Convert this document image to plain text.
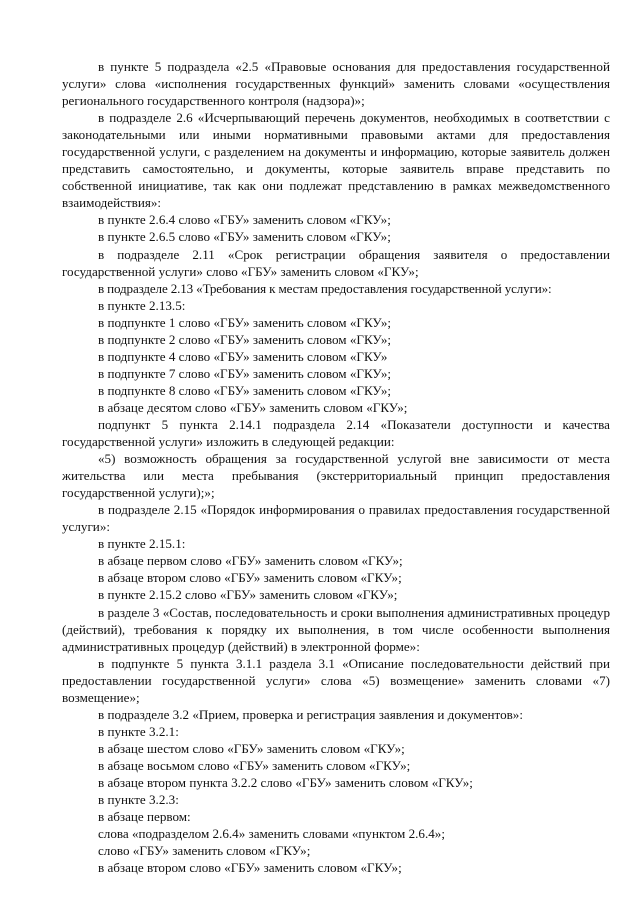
в пункте 5 подраздела «2.5 «Правовые основания для предоставления государственной услуги» слова «исполнения государственных функций» заменить словами «осуществления регионального государственного контроля (надзора)»;

в подразделе 2.6 «Исчерпывающий перечень документов, необходимых в соответствии с законодательными или иными нормативными правовыми актами для предоставления государственной услуги, с разделением на документы и информацию, которые заявитель должен представить самостоятельно, и документы, которые заявитель вправе представить по собственной инициативе, так как они подлежат представлению в рамках межведомственного взаимодействия»:

в пункте 2.6.4 слово «ГБУ» заменить словом «ГКУ»;

в пункте 2.6.5 слово «ГБУ» заменить словом «ГКУ»;

в подразделе 2.11 «Срок регистрации обращения заявителя о предоставлении государственной услуги» слово «ГБУ» заменить словом «ГКУ»;

в подразделе 2.13 «Требования к местам предоставления государственной услуги»:

в пункте 2.13.5:

в подпункте 1 слово «ГБУ» заменить словом «ГКУ»;

в подпункте 2 слово «ГБУ» заменить словом «ГКУ»;

в подпункте 4 слово «ГБУ» заменить словом «ГКУ»

в подпункте 7 слово «ГБУ» заменить словом «ГКУ»;

в подпункте 8 слово «ГБУ» заменить словом «ГКУ»;

в абзаце десятом слово «ГБУ» заменить словом «ГКУ»;

подпункт 5 пункта 2.14.1 подраздела 2.14 «Показатели доступности и качества государственной услуги» изложить в следующей редакции:

«5) возможность обращения за государственной услугой вне зависимости от места жительства или места пребывания (экстерриториальный принцип предоставления государственной услуги);»;

в подразделе 2.15 «Порядок информирования о правилах предоставления государственной услуги»:

в пункте 2.15.1:

в абзаце первом слово «ГБУ» заменить словом «ГКУ»;

в абзаце втором слово «ГБУ» заменить словом «ГКУ»;

в пункте 2.15.2 слово «ГБУ» заменить словом «ГКУ»;

в разделе 3 «Состав, последовательность и сроки выполнения административных процедур (действий), требования к порядку их выполнения, в том числе особенности выполнения административных процедур (действий) в электронной форме»:

в подпункте 5 пункта 3.1.1 раздела 3.1 «Описание последовательности действий при предоставлении государственной услуги» слова «5) возмещение» заменить словами «7) возмещение»;

в подразделе 3.2 «Прием, проверка и регистрация заявления и документов»:

в пункте 3.2.1:

в абзаце шестом слово «ГБУ» заменить словом «ГКУ»;

в абзаце восьмом слово «ГБУ» заменить словом «ГКУ»;

в абзаце втором пункта 3.2.2 слово «ГБУ» заменить словом «ГКУ»;

в пункте 3.2.3:

в абзаце первом:

слова «подразделом 2.6.4» заменить словами «пунктом 2.6.4»;

слово «ГБУ» заменить словом «ГКУ»;

в абзаце втором слово «ГБУ» заменить словом «ГКУ»;
